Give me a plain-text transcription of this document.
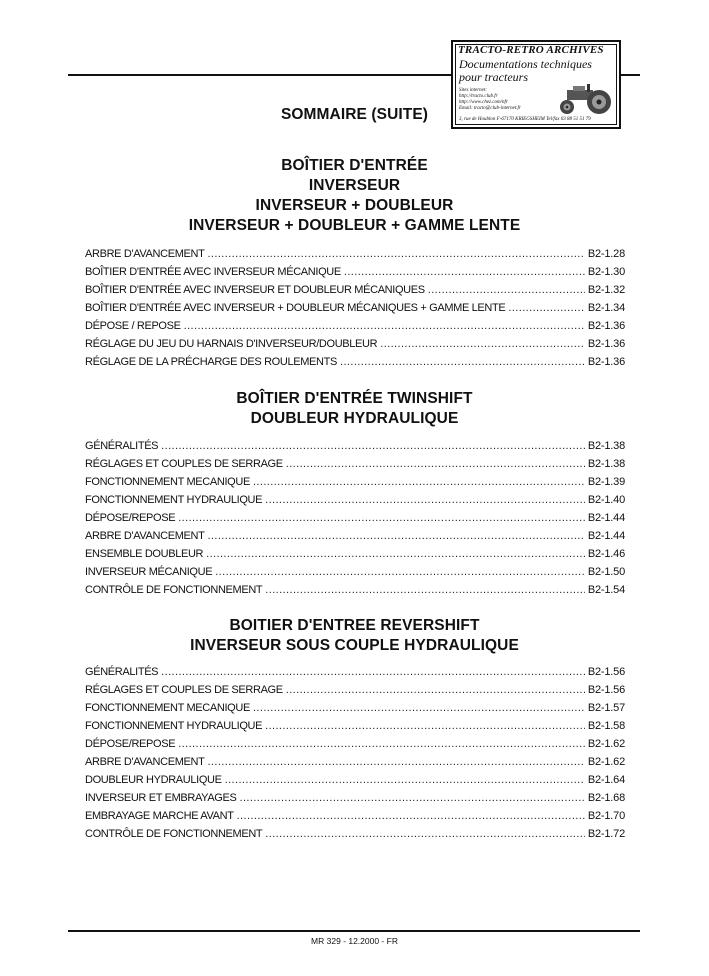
TRACTO-RETRO ARCHIVES
Documentations techniques
pour tracteurs
Sites internet:
http://tracto.club.fr
http://www.chez.com/nfr
Email: tracto@club-internet.fr
3, rue de Houblon F-67170 KRIEGSHEIM Tel/fax 03 88 51 51 79
SOMMAIRE (SUITE)
BOÎTIER D'ENTRÉE
INVERSEUR
INVERSEUR + DOUBLEUR
INVERSEUR + DOUBLEUR + GAMME LENTE
ARBRE D'AVANCEMENT .....	B2-1.28
BOÎTIER D'ENTRÉE AVEC INVERSEUR MÉCANIQUE .....	B2-1.30
BOÎTIER D'ENTRÉE AVEC INVERSEUR ET DOUBLEUR MÉCANIQUES .....	B2-1.32
BOÎTIER D'ENTRÉE AVEC INVERSEUR + DOUBLEUR MÉCANIQUES + GAMME LENTE .....	B2-1.34
DÉPOSE / REPOSE .....	B2-1.36
RÉGLAGE DU JEU DU HARNAIS D'INVERSEUR/DOUBLEUR .....	B2-1.36
RÉGLAGE DE LA PRÉCHARGE DES ROULEMENTS .....	B2-1.36
BOÎTIER D'ENTRÉE TWINSHIFT
DOUBLEUR HYDRAULIQUE
GÉNÉRALITÉS .....	B2-1.38
RÉGLAGES ET COUPLES DE SERRAGE .....	B2-1.38
FONCTIONNEMENT MECANIQUE .....	B2-1.39
FONCTIONNEMENT HYDRAULIQUE .....	B2-1.40
DÉPOSE/REPOSE .....	B2-1.44
ARBRE D'AVANCEMENT .....	B2-1.44
ENSEMBLE DOUBLEUR .....	B2-1.46
INVERSEUR MÉCANIQUE .....	B2-1.50
CONTRÔLE DE FONCTIONNEMENT .....	B2-1.54
BOITIER D'ENTREE REVERSHIFT
INVERSEUR SOUS COUPLE HYDRAULIQUE
GÉNÉRALITÉS .....	B2-1.56
RÉGLAGES ET COUPLES DE SERRAGE .....	B2-1.56
FONCTIONNEMENT MECANIQUE .....	B2-1.57
FONCTIONNEMENT HYDRAULIQUE .....	B2-1.58
DÉPOSE/REPOSE .....	B2-1.62
ARBRE D'AVANCEMENT .....	B2-1.62
DOUBLEUR HYDRAULIQUE .....	B2-1.64
INVERSEUR ET EMBRAYAGES .....	B2-1.68
EMBRAYAGE MARCHE AVANT .....	B2-1.70
CONTRÔLE DE FONCTIONNEMENT .....	B2-1.72
MR 329 - 12.2000 - FR
